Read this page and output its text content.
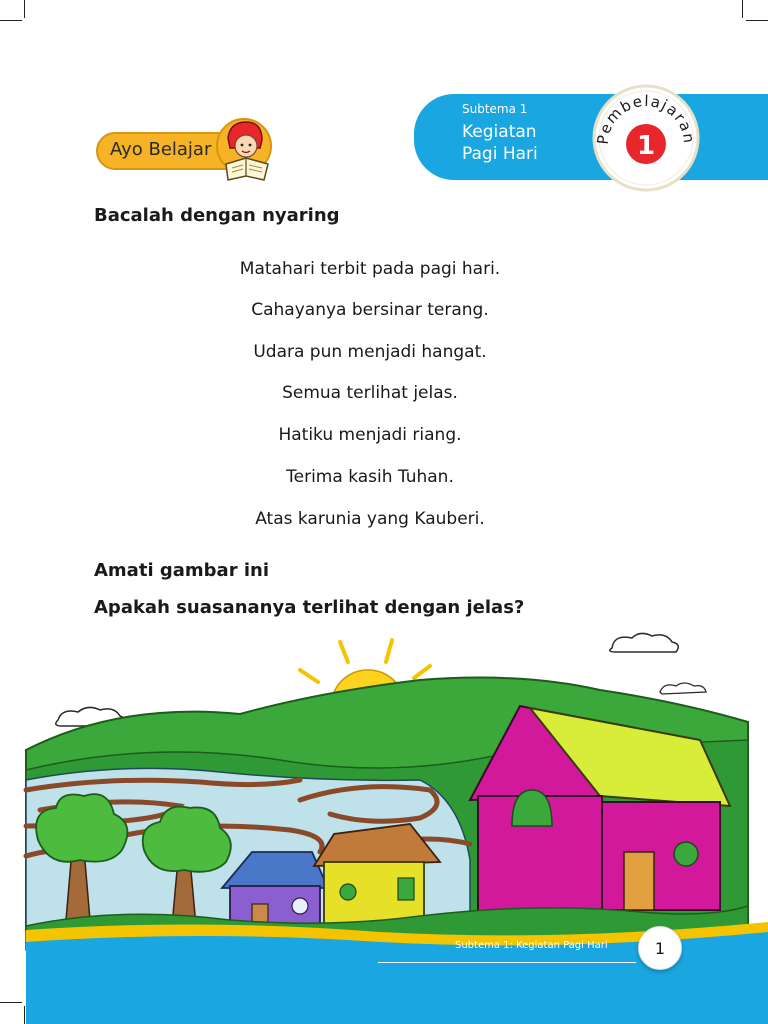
Ayo Belajar
Subtema 1
Kegiatan
Pagi Hari
Pembelajaran
1
Bacalah dengan nyaring
Matahari terbit pada pagi hari.
Cahayanya bersinar terang.
Udara pun menjadi hangat.
Semua terlihat jelas.
Hatiku menjadi riang.
Terima kasih Tuhan.
Atas karunia yang Kauberi.
Amati gambar ini
Apakah suasananya terlihat dengan jelas?
Subtema 1: Kegiatan Pagi Hari	1
